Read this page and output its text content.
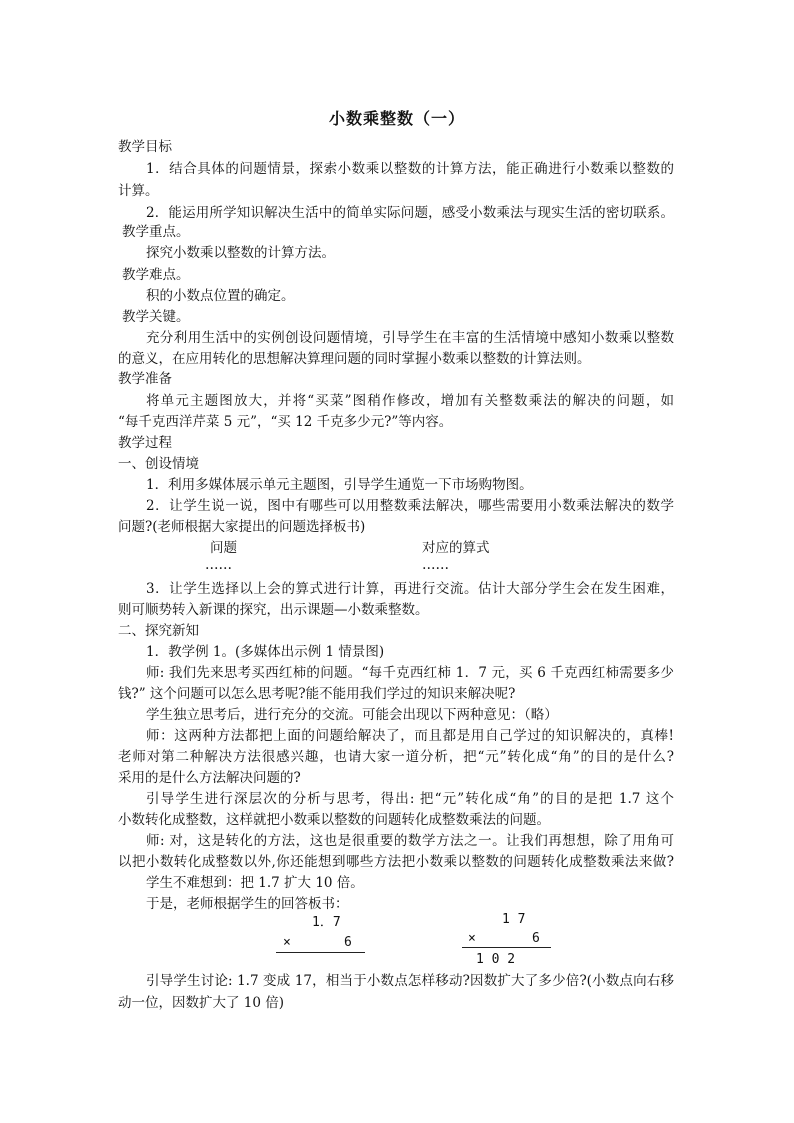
小数乘整数（一）
教学目标
1．结合具体的问题情景，探索小数乘以整数的计算方法，能正确进行小数乘以整数的
计算。
2．能运用所学知识解决生活中的简单实际问题，感受小数乘法与现实生活的密切联系。
教学重点。
探究小数乘以整数的计算方法。
教学难点。
积的小数点位置的确定。
教学关键。
充分利用生活中的实例创设问题情境，引导学生在丰富的生活情境中感知小数乘以整数
的意义，在应用转化的思想解决算理问题的同时掌握小数乘以整数的计算法则。
教学准备
将单元主题图放大，并将“买菜”图稍作修改，增加有关整数乘法的解决的问题，如
“每千克西洋芹菜 5 元”，“买 12 千克多少元?”等内容。
教学过程
一、创设情境
1．利用多媒体展示单元主题图，引导学生通览一下市场购物图。
2．让学生说一说，图中有哪些可以用整数乘法解决，哪些需要用小数乘法解决的数学
问题?(老师根据大家提出的问题选择板书)
问题	对应的算式
……	……
3．让学生选择以上会的算式进行计算，再进行交流。估计大部分学生会在发生困难，
则可顺势转入新课的探究，出示课题—小数乘整数。
二、探究新知
1．教学例 1。(多媒体出示例 1 情景图)
师: 我们先来思考买西红柿的问题。“每千克西红柿 1．7 元，买 6 千克西红柿需要多少
钱?” 这个问题可以怎么思考呢?能不能用我们学过的知识来解决呢?
学生独立思考后，进行充分的交流。可能会出现以下两种意见：（略）
师：这两种方法都把上面的问题给解决了，而且都是用自己学过的知识解决的，真棒!
老师对第二种解决方法很感兴趣，也请大家一道分析，把“元”转化成“角”的目的是什么?
采用的是什么方法解决问题的?
引导学生进行深层次的分析与思考，得出: 把“元”转化成“角”的目的是把 1.7 这个
小数转化成整数，这样就把小数乘以整数的问题转化成整数乘法的问题。
师: 对，这是转化的方法，这也是很重要的数学方法之一。让我们再想想，除了用角可
以把小数转化成整数以外,你还能想到哪些方法把小数乘以整数的问题转化成整数乘法来做?
学生不难想到：把 1.7 扩大 10 倍。
于是，老师根据学生的回答板书：
1．7
×	6
1 7
×	6
1 0 2
引导学生讨论: 1.7 变成 17，相当于小数点怎样移动?因数扩大了多少倍?(小数点向右移
动一位，因数扩大了 10 倍)
